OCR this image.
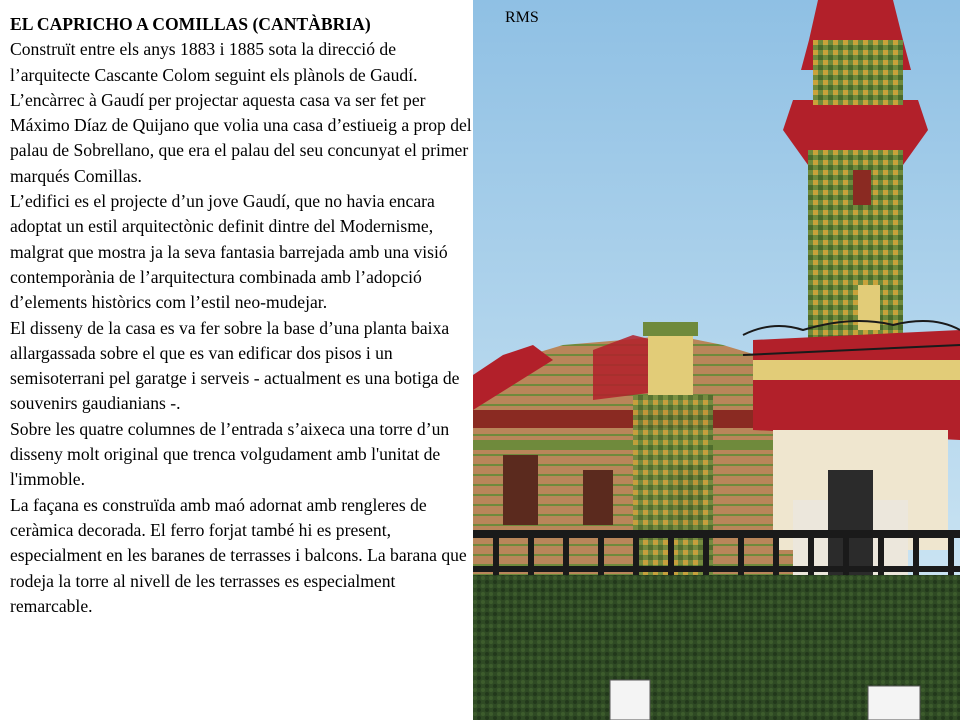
EL CAPRICHO A COMILLAS (CANTÀBRIA)

Construït entre els anys 1883 i 1885 sota la direcció de l’arquitecte Cascante Colom seguint els plànols de Gaudí.

L’encàrrec à Gaudí per projectar aquesta casa va ser fet per Máximo Díaz de Quijano que volia una casa d’estiueig a prop del palau de Sobrellano, que era el palau del seu concunyat el primer marqués Comillas.

L’edifici es el projecte d’un jove Gaudí, que no havia encara adoptat un estil arquitectònic definit dintre del Modernisme, malgrat que mostra ja la seva fantasia barrejada amb una visió contemporània de l’arquitectura combinada amb l’adopció d’elements històrics com l’estil neo-mudejar.

El disseny de la casa es va fer sobre la base d’una planta baixa allargassada sobre el que es van edificar dos pisos i un semisoterrani pel garatge i serveis - actualment es una botiga de souvenirs gaudianians -.

Sobre les quatre columnes de l’entrada s’aixeca una torre d’un disseny molt original que trenca volgudament amb l'unitat de l'immoble.

La façana es construïda amb maó adornat amb rengleres de ceràmica decorada. El ferro forjat també hi es present, especialment en les baranes de terrasses i balcons. La barana que rodeja la torre al nivell de les terrasses es especialment remarcable.

RMS
